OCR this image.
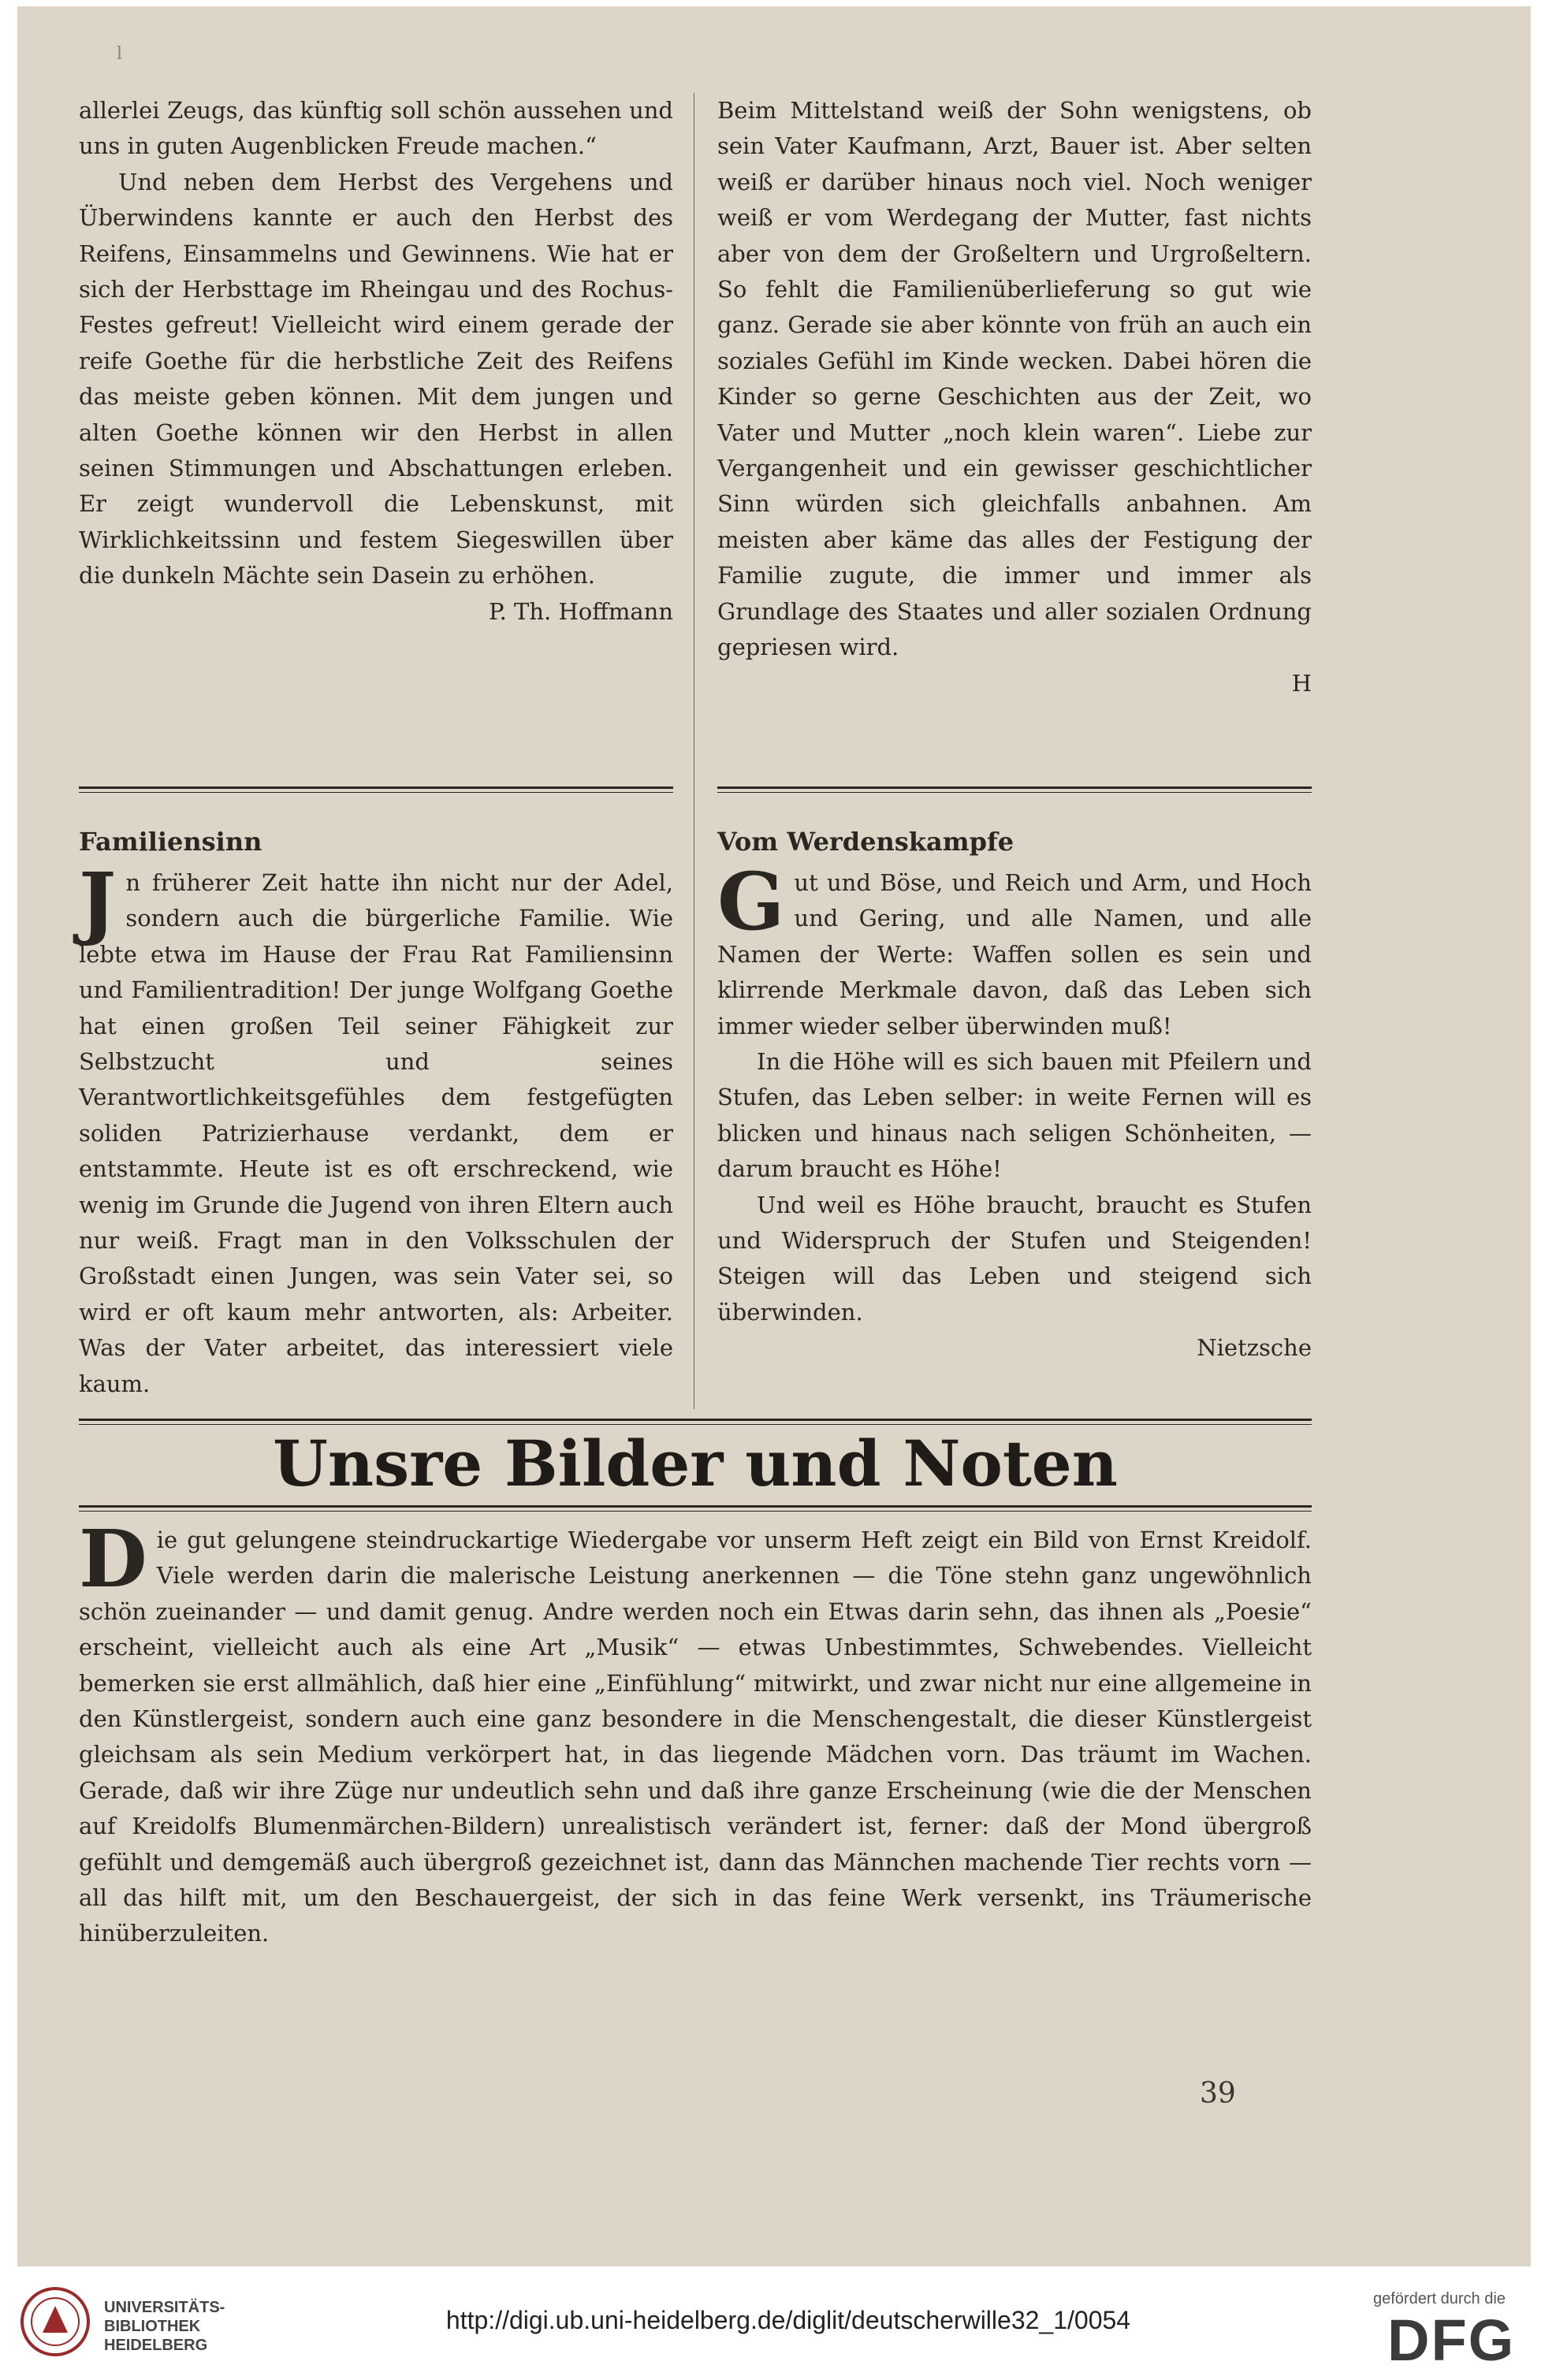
l

allerlei Zeugs, das künftig soll schön aussehen und uns in guten Augenblicken Freude machen.“

Und neben dem Herbst des Vergehens und Überwindens kannte er auch den Herbst des Reifens, Einsammelns und Gewinnens. Wie hat er sich der Herbsttage im Rheingau und des Rochus-Festes gefreut! Vielleicht wird einem gerade der reife Goethe für die herbstliche Zeit des Reifens das meiste geben können. Mit dem jungen und alten Goethe können wir den Herbst in allen seinen Stimmungen und Abschattungen erleben. Er zeigt wundervoll die Lebenskunst, mit Wirklichkeitssinn und festem Siegeswillen über die dunkeln Mächte sein Dasein zu erhöhen.

P. Th. Hoffmann

Familiensinn

Jn früherer Zeit hatte ihn nicht nur der Adel, sondern auch die bürgerliche Familie. Wie lebte etwa im Hause der Frau Rat Familiensinn und Familientradition! Der junge Wolfgang Goethe hat einen großen Teil seiner Fähigkeit zur Selbstzucht und seines Verantwortlichkeitsgefühles dem festgefügten soliden Patrizierhause verdankt, dem er entstammte. Heute ist es oft erschreckend, wie wenig im Grunde die Jugend von ihren Eltern auch nur weiß. Fragt man in den Volksschulen der Großstadt einen Jungen, was sein Vater sei, so wird er oft kaum mehr antworten, als: Arbeiter. Was der Vater arbeitet, das interessiert viele kaum.

Beim Mittelstand weiß der Sohn wenigstens, ob sein Vater Kaufmann, Arzt, Bauer ist. Aber selten weiß er darüber hinaus noch viel. Noch weniger weiß er vom Werdegang der Mutter, fast nichts aber von dem der Großeltern und Urgroßeltern. So fehlt die Familienüberlieferung so gut wie ganz. Gerade sie aber könnte von früh an auch ein soziales Gefühl im Kinde wecken. Dabei hören die Kinder so gerne Geschichten aus der Zeit, wo Vater und Mutter „noch klein waren“. Liebe zur Vergangenheit und ein gewisser geschichtlicher Sinn würden sich gleichfalls anbahnen. Am meisten aber käme das alles der Festigung der Familie zugute, die immer und immer als Grundlage des Staates und aller sozialen Ordnung gepriesen wird.

H

Vom Werdenskampfe

Gut und Böse, und Reich und Arm, und Hoch und Gering, und alle Namen, und alle Namen der Werte: Waffen sollen es sein und klirrende Merkmale davon, daß das Leben sich immer wieder selber überwinden muß!

In die Höhe will es sich bauen mit Pfeilern und Stufen, das Leben selber: in weite Fernen will es blicken und hinaus nach seligen Schönheiten, — darum braucht es Höhe!

Und weil es Höhe braucht, braucht es Stufen und Widerspruch der Stufen und Steigenden! Steigen will das Leben und steigend sich überwinden.

Nietzsche

Unsre Bilder und Noten

Die gut gelungene steindruckartige Wiedergabe vor unserm Heft zeigt ein Bild von Ernst Kreidolf. Viele werden darin die malerische Leistung anerkennen — die Töne stehn ganz ungewöhnlich schön zueinander — und damit genug. Andre werden noch ein Etwas darin sehn, das ihnen als „Poesie“ erscheint, vielleicht auch als eine Art „Musik“ — etwas Unbestimmtes, Schwebendes. Vielleicht bemerken sie erst allmählich, daß hier eine „Einfühlung“ mitwirkt, und zwar nicht nur eine allgemeine in den Künstlergeist, sondern auch eine ganz besondere in die Menschengestalt, die dieser Künstlergeist gleichsam als sein Medium verkörpert hat, in das liegende Mädchen vorn. Das träumt im Wachen. Gerade, daß wir ihre Züge nur undeutlich sehn und daß ihre ganze Erscheinung (wie die der Menschen auf Kreidolfs Blumenmärchen-Bildern) unrealistisch verändert ist, ferner: daß der Mond übergroß gefühlt und demgemäß auch übergroß gezeichnet ist, dann das Männchen machende Tier rechts vorn — all das hilft mit, um den Beschauergeist, der sich in das feine Werk versenkt, ins Träumerische hinüberzuleiten.

39
UNIVERSITÄTS-
BIBLIOTHEK
HEIDELBERG
http://digi.ub.uni-heidelberg.de/diglit/deutscherwille32_1/0054
gefördert durch die
DFG
